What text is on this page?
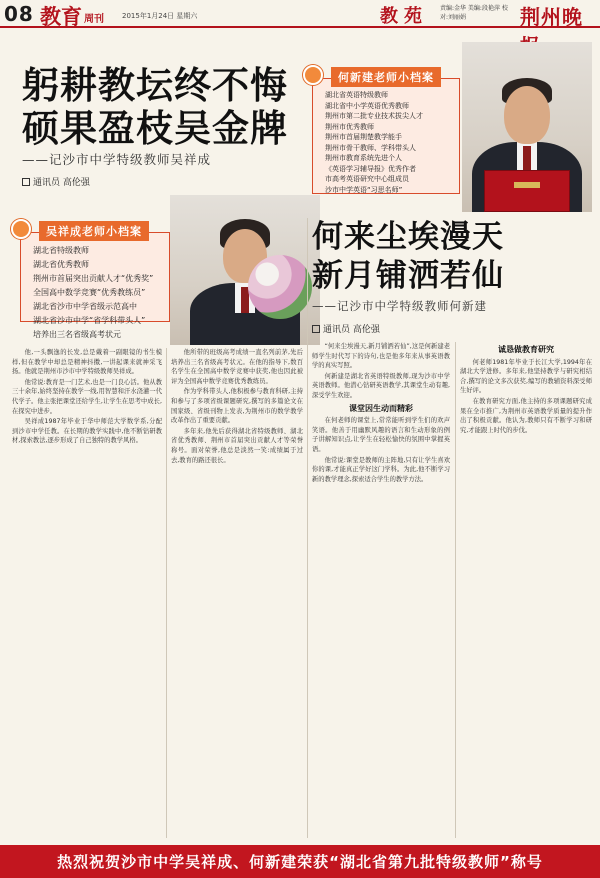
08 教育 周刊	2015年1月24日 星期六	教苑 责编:金华 美编:段艳萍 校对:刘丽娟	荆州晚
躬耕教坛终不悔
硕果盈枝吴金牌
——记沙市中学特级教师吴祥成
通讯员 高伦强
吴祥成老师小档案
湖北省特级教师
湖北省优秀教师
荆州市首届突出贡献人才“优秀奖”
全国高中数学竞赛“优秀教练员”
湖北省沙市中学省级示范高中
湖北省沙市中学“省学科带头人”
培养出三名省级高考状元
何新建老师小档案
湖北省英语特级教师
湖北省中小学英语优秀教师
荆州市第二批专业技术拔尖人才
荆州市优秀教师
荆州市首届荆楚教学能手
荆州市骨干教师、学科带头人
荆州市教育系统先进个人
《英语学习辅导报》优秀作者
市高考英语研究中心组成员
沙市中学英语“习思名师”
何来尘埃漫天
新月铺洒若仙
——记沙市中学特级教师何新建
通讯员 高伦强

他,一头飘逸的长发,总是戴着一副眼镜的书生模样,但在教学中却总是精神抖擞,一讲起课来就神采飞扬。他就是荆州市沙市中学特级教师吴祥成。

他常说:教育是一门艺术,也是一门良心活。他从教三十余年,始终坚持在教学一线,用智慧和汗水浇灌一代代学子。他主张把课堂还给学生,让学生在思考中成长,在探究中进步。

吴祥成1987年毕业于华中师范大学数学系,分配到沙市中学任教。在长期的教学实践中,他不断钻研教材,探索教法,逐步形成了自己独特的教学风格。

他所带的班级高考成绩一直名列前茅,先后培养出三名省级高考状元。在他的指导下,数百名学生在全国高中数学竞赛中获奖,他也因此被评为全国高中数学竞赛优秀教练员。

作为学科带头人,他积极参与教育科研,主持和参与了多项省级课题研究,撰写的多篇论文在国家级、省级刊物上发表,为荆州市的数学教学改革作出了重要贡献。

多年来,他先后获得湖北省特级教师、湖北省优秀教师、荆州市首届突出贡献人才等荣誉称号。面对荣誉,他总是淡然一笑:成绩属于过去,教育的路还很长。

“何来尘埃漫天,新月铺洒若仙”,这是何新建老师学生时代写下的诗句,也是他多年来从事英语教学的真实写照。

何新建是湖北省英语特级教师,现为沙市中学英语教师。他潜心钻研英语教学,其课堂生动有趣,深受学生欢迎。

课堂因生动而精彩

在何老师的课堂上,常常能听到学生们的欢声笑语。他善于用幽默风趣的语言和生动形象的例子讲解知识点,让学生在轻松愉快的氛围中掌握英语。

他常说:课堂是教师的主阵地,只有让学生喜欢你的课,才能真正学好这门学科。为此,他不断学习新的教学理念,探索适合学生的教学方法。

诚恳做教育研究

何老师1981年毕业于长江大学,1994年在湖北大学进修。多年来,他坚持教学与研究相结合,撰写的论文多次获奖,编写的教辅资料深受师生好评。

在教育研究方面,他主持的多项课题研究成果在全市推广,为荆州市英语教学质量的提升作出了积极贡献。他认为,教师只有不断学习和研究,才能跟上时代的步伐。

热烈祝贺沙市中学吴祥成、何新建荣获“湖北省第九批特级教师”称号
